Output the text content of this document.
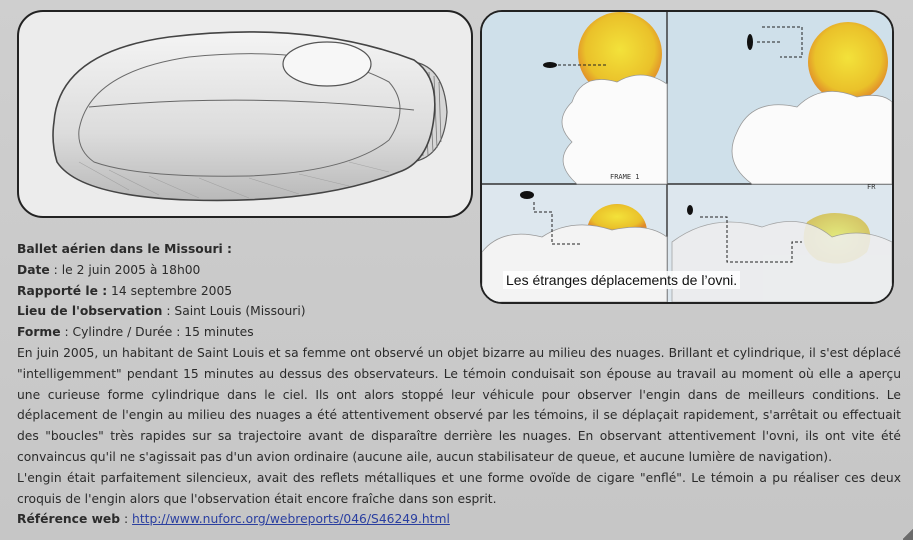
FRAME 1
FR
Les étranges déplacements de l’ovni.

Ballet aérien dans le Missouri :

Date : le 2 juin 2005 à 18h00

Rapporté le : 14 septembre 2005

Lieu de l'observation : Saint Louis (Missouri)

Forme : Cylindre / Durée : 15 minutes

En juin 2005, un habitant de Saint Louis et sa femme ont observé un objet bizarre au milieu des nuages. Brillant et cylindrique, il s'est déplacé "intelligemment" pendant 15 minutes au dessus des observateurs. Le témoin conduisait son épouse au travail au moment où elle a aperçu une curieuse forme cylindrique dans le ciel. Ils ont alors stoppé leur véhicule pour observer l'engin dans de meilleurs conditions. Le déplacement de l'engin au milieu des nuages a été attentivement observé par les témoins, il se déplaçait rapidement, s'arrêtait ou effectuait des "boucles" très rapides sur sa trajectoire avant de disparaître derrière les nuages. En observant attentivement l'ovni, ils ont vite été convaincus qu'il ne s'agissait pas d'un avion ordinaire (aucune aile, aucun stabilisateur de queue, et aucune lumière de navigation).

L'engin était parfaitement silencieux, avait des reflets métalliques et une forme ovoïde de cigare "enflé". Le témoin a pu réaliser ces deux croquis de l'engin alors que l'observation était encore fraîche dans son esprit.

Référence web : http://www.nuforc.org/webreports/046/S46249.html
